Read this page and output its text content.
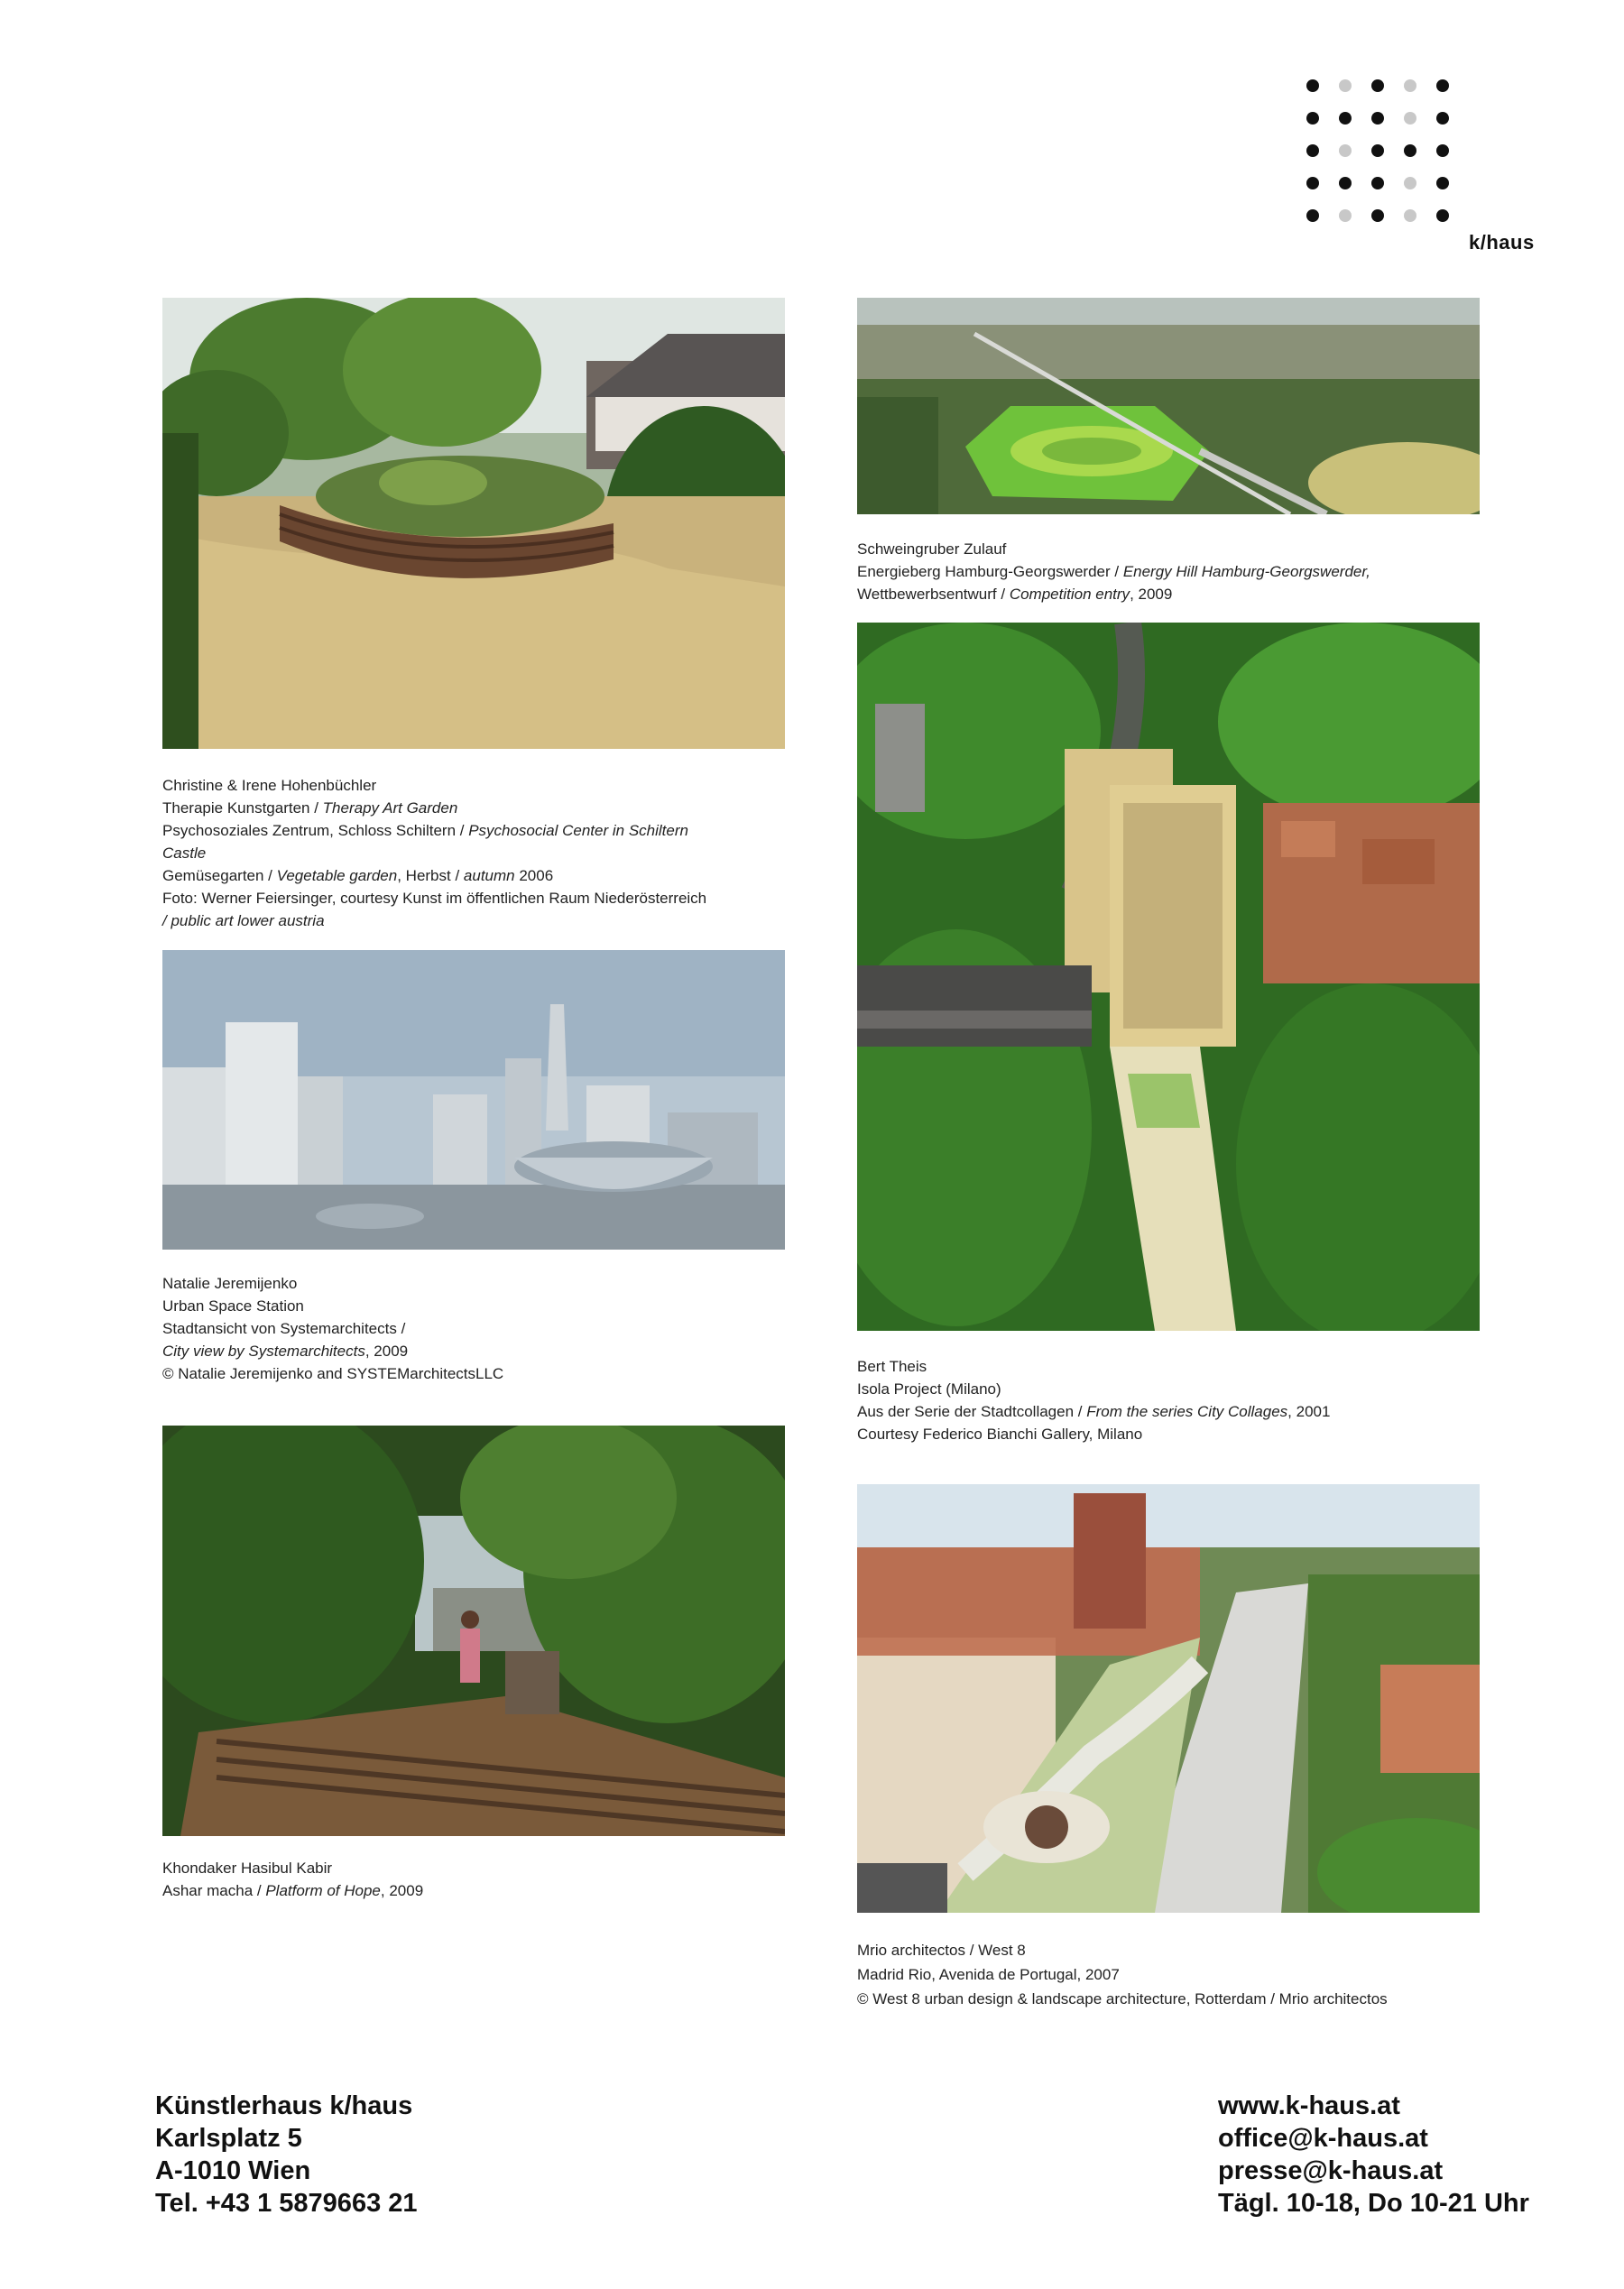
k/haus
Christine & Irene Hohenbüchler
Therapie Kunstgarten / Therapy Art Garden
Psychosoziales Zentrum, Schloss Schiltern / Psychosocial Center in Schiltern
Castle
Gemüsegarten / Vegetable garden, Herbst / autumn 2006
Foto: Werner Feiersinger, courtesy Kunst im öffentlichen Raum Niederösterreich
/ public art lower austria
Schweingruber Zulauf
Energieberg Hamburg-Georgswerder / Energy Hill Hamburg-Georgswerder,
Wettbewerbsentwurf / Competition entry, 2009
Bert Theis
Isola Project (Milano)
Aus der Serie der Stadtcollagen / From the series City Collages, 2001
Courtesy Federico Bianchi Gallery, Milano
Natalie Jeremijenko
Urban Space Station
Stadtansicht von Systemarchitects /
City view by Systemarchitects, 2009
© Natalie Jeremijenko and SYSTEMarchitectsLLC
Khondaker Hasibul Kabir
Ashar macha / Platform of Hope, 2009
Mrio architectos / West 8
Madrid Rio, Avenida de Portugal, 2007
© West 8 urban design & landscape architecture, Rotterdam / Mrio architectos
Künstlerhaus k/haus
Karlsplatz 5
A-1010 Wien
Tel. +43 1 5879663 21
www.k-haus.at
office@k-haus.at
presse@k-haus.at
Tägl. 10-18, Do 10-21 Uhr
